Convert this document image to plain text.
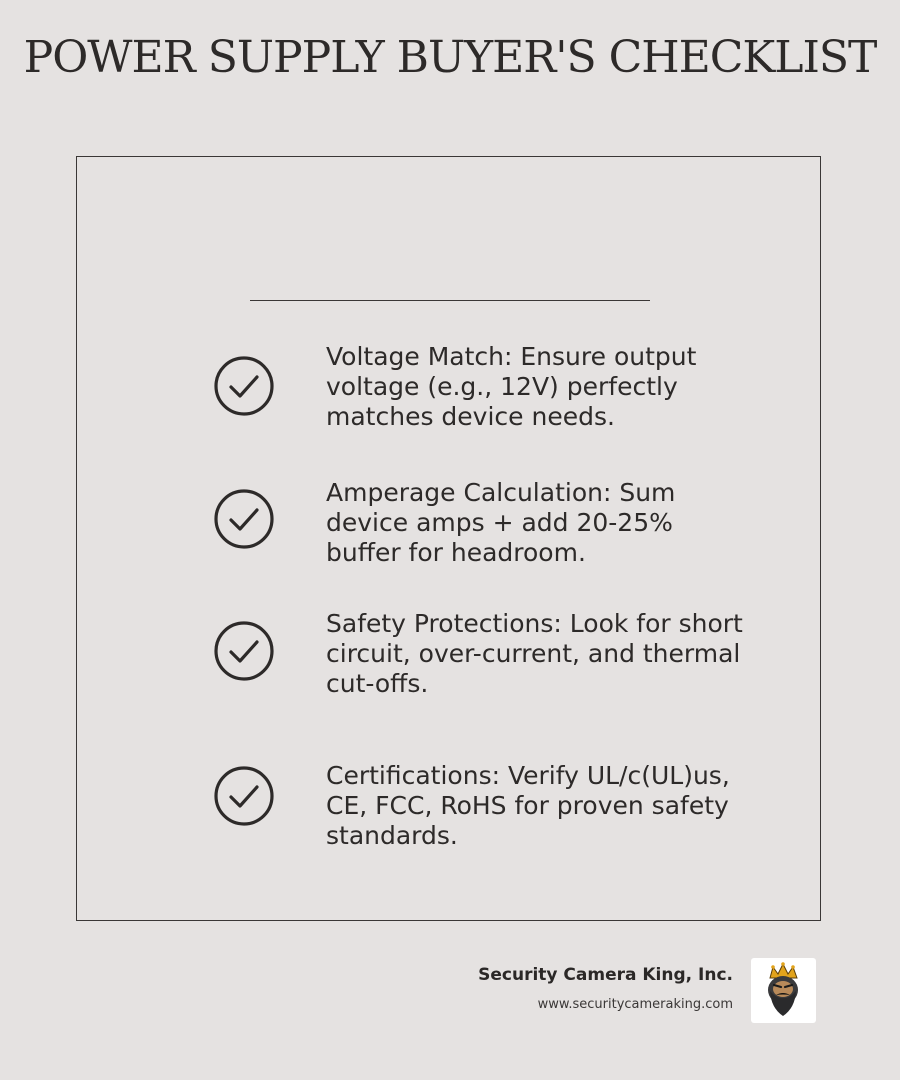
POWER SUPPLY BUYER'S CHECKLIST
Voltage Match: Ensure output voltage (e.g., 12V) perfectly matches device needs.
Amperage Calculation: Sum device amps + add 20-25% buffer for headroom.
Safety Protections: Look for short circuit, over-current, and thermal cut-offs.
Certifications: Verify UL/c(UL)us, CE, FCC, RoHS for proven safety standards.
Security Camera King, Inc.
www.securitycameraking.com
